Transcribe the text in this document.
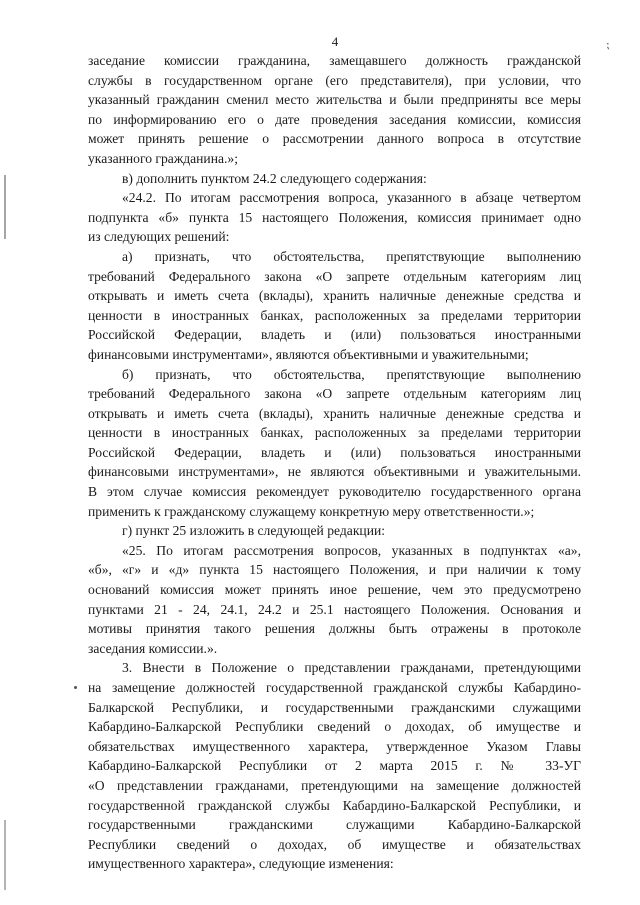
⁏
4

заседание комиссии гражданина, замещавшего должность гражданской

службы в государственном органе (его представителя), при условии, что

указанный гражданин сменил место жительства и были предприняты все меры

по информированию его о дате проведения заседания комиссии, комиссия

может принять решение о рассмотрении данного вопроса в отсутствие

указанного гражданина.»;

в) дополнить пунктом 24.2 следующего содержания:

«24.2. По итогам рассмотрения вопроса, указанного в абзаце четвертом

подпункта «б» пункта 15 настоящего Положения, комиссия принимает одно

из следующих решений:

а) признать, что обстоятельства, препятствующие выполнению

требований Федерального закона «О запрете отдельным категориям лиц

открывать и иметь счета (вклады), хранить наличные денежные средства и

ценности в иностранных банках, расположенных за пределами территории

Российской Федерации, владеть и (или) пользоваться иностранными

финансовыми инструментами», являются объективными и уважительными;

б) признать, что обстоятельства, препятствующие выполнению

требований Федерального закона «О запрете отдельным категориям лиц

открывать и иметь счета (вклады), хранить наличные денежные средства и

ценности в иностранных банках, расположенных за пределами территории

Российской Федерации, владеть и (или) пользоваться иностранными

финансовыми инструментами», не являются объективными и уважительными.

В этом случае комиссия рекомендует руководителю государственного органа

применить к гражданскому служащему конкретную меру ответственности.»;

г) пункт 25 изложить в следующей редакции:

«25. По итогам рассмотрения вопросов, указанных в подпунктах «а»,

«б», «г» и «д» пункта 15 настоящего Положения, и при наличии к тому

оснований комиссия может принять иное решение, чем это предусмотрено

пунктами 21 - 24, 24.1, 24.2 и 25.1 настоящего Положения. Основания и

мотивы принятия такого решения должны быть отражены в протоколе

заседания комиссии.».

3. Внести в Положение о представлении гражданами, претендующими

на замещение должностей государственной гражданской службы Кабардино-

Балкарской Республики, и государственными гражданскими служащими

Кабардино-Балкарской Республики сведений о доходах, об имуществе и

обязательствах имущественного характера, утвержденное Указом Главы

Кабардино-Балкарской Республики от 2 марта 2015 г. № 33-УГ

«О представлении гражданами, претендующими на замещение должностей

государственной гражданской службы Кабардино-Балкарской Республики, и

государственными гражданскими служащими Кабардино-Балкарской

Республики сведений о доходах, об имуществе и обязательствах

имущественного характера», следующие изменения:
